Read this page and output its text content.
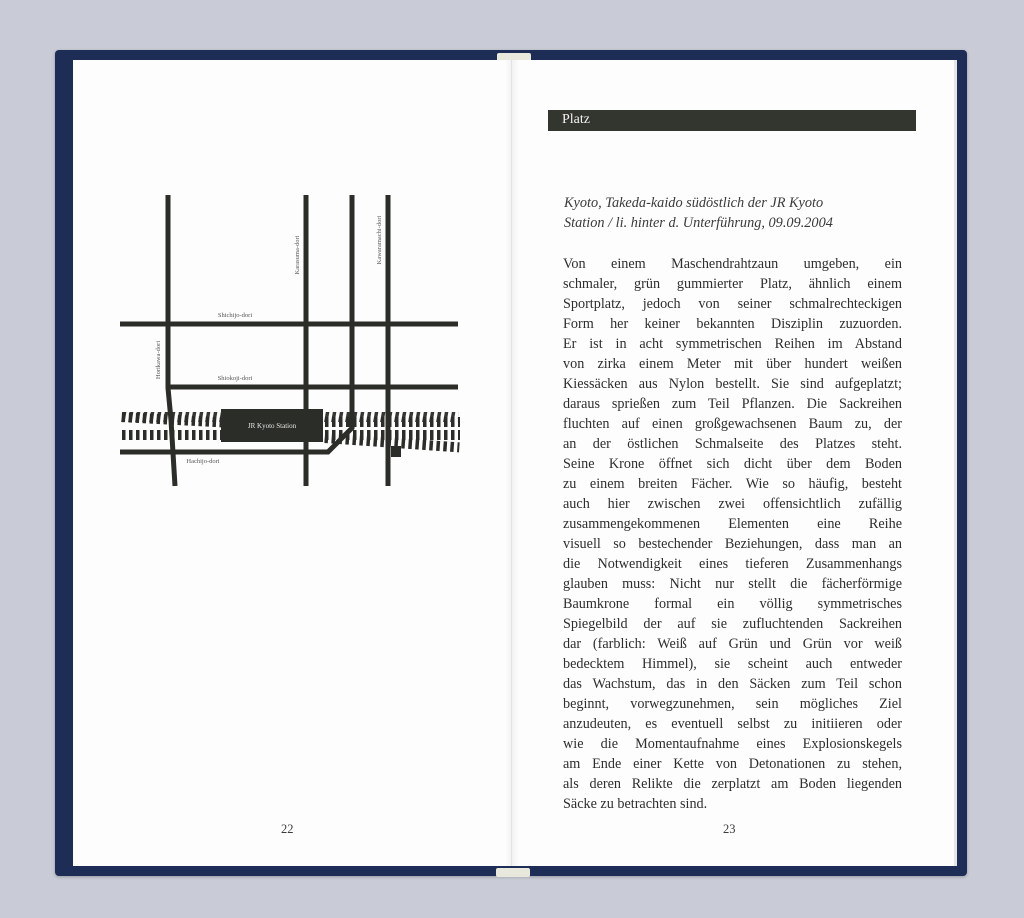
JR Kyoto Station
Shichijo-dori
Shiokoji-dori
Hachijo-dori
Horikawa-dori
Karasuma-dori	Kawaramachi-dori
22
Platz
Kyoto, Takeda-kaido südöstlich der JR Kyoto
Station / li. hinter d. Unterführung, 09.09.2004
Von einem Maschendrahtzaun umgeben, ein
schmaler, grün gummierter Platz, ähnlich einem
Sportplatz, jedoch von seiner schmalrechteckigen
Form her keiner bekannten Disziplin zuzuorden.
Er ist in acht symmetrischen Reihen im Abstand
von zirka einem Meter mit über hundert weißen
Kiessäcken aus Nylon bestellt. Sie sind aufgeplatzt;
daraus sprießen zum Teil Pflanzen. Die Sackreihen
fluchten auf einen großgewachsenen Baum zu, der
an der östlichen Schmalseite des Platzes steht.
Seine Krone öffnet sich dicht über dem Boden
zu einem breiten Fächer. Wie so häufig, besteht
auch hier zwischen zwei offensichtlich zufällig
zusammengekommenen Elementen eine Reihe
visuell so bestechender Beziehungen, dass man an
die Notwendigkeit eines tieferen Zusammenhangs
glauben muss: Nicht nur stellt die fächerförmige
Baumkrone formal ein völlig symmetrisches
Spiegelbild der auf sie zufluchtenden Sackreihen
dar (farblich: Weiß auf Grün und Grün vor weiß
bedecktem Himmel), sie scheint auch entweder
das Wachstum, das in den Säcken zum Teil schon
beginnt, vorwegzunehmen, sein mögliches Ziel
anzudeuten, es eventuell selbst zu initiieren oder
wie die Momentaufnahme eines Explosionskegels
am Ende einer Kette von Detonationen zu stehen,
als deren Relikte die zerplatzt am Boden liegenden
Säcke zu betrachten sind.
23
